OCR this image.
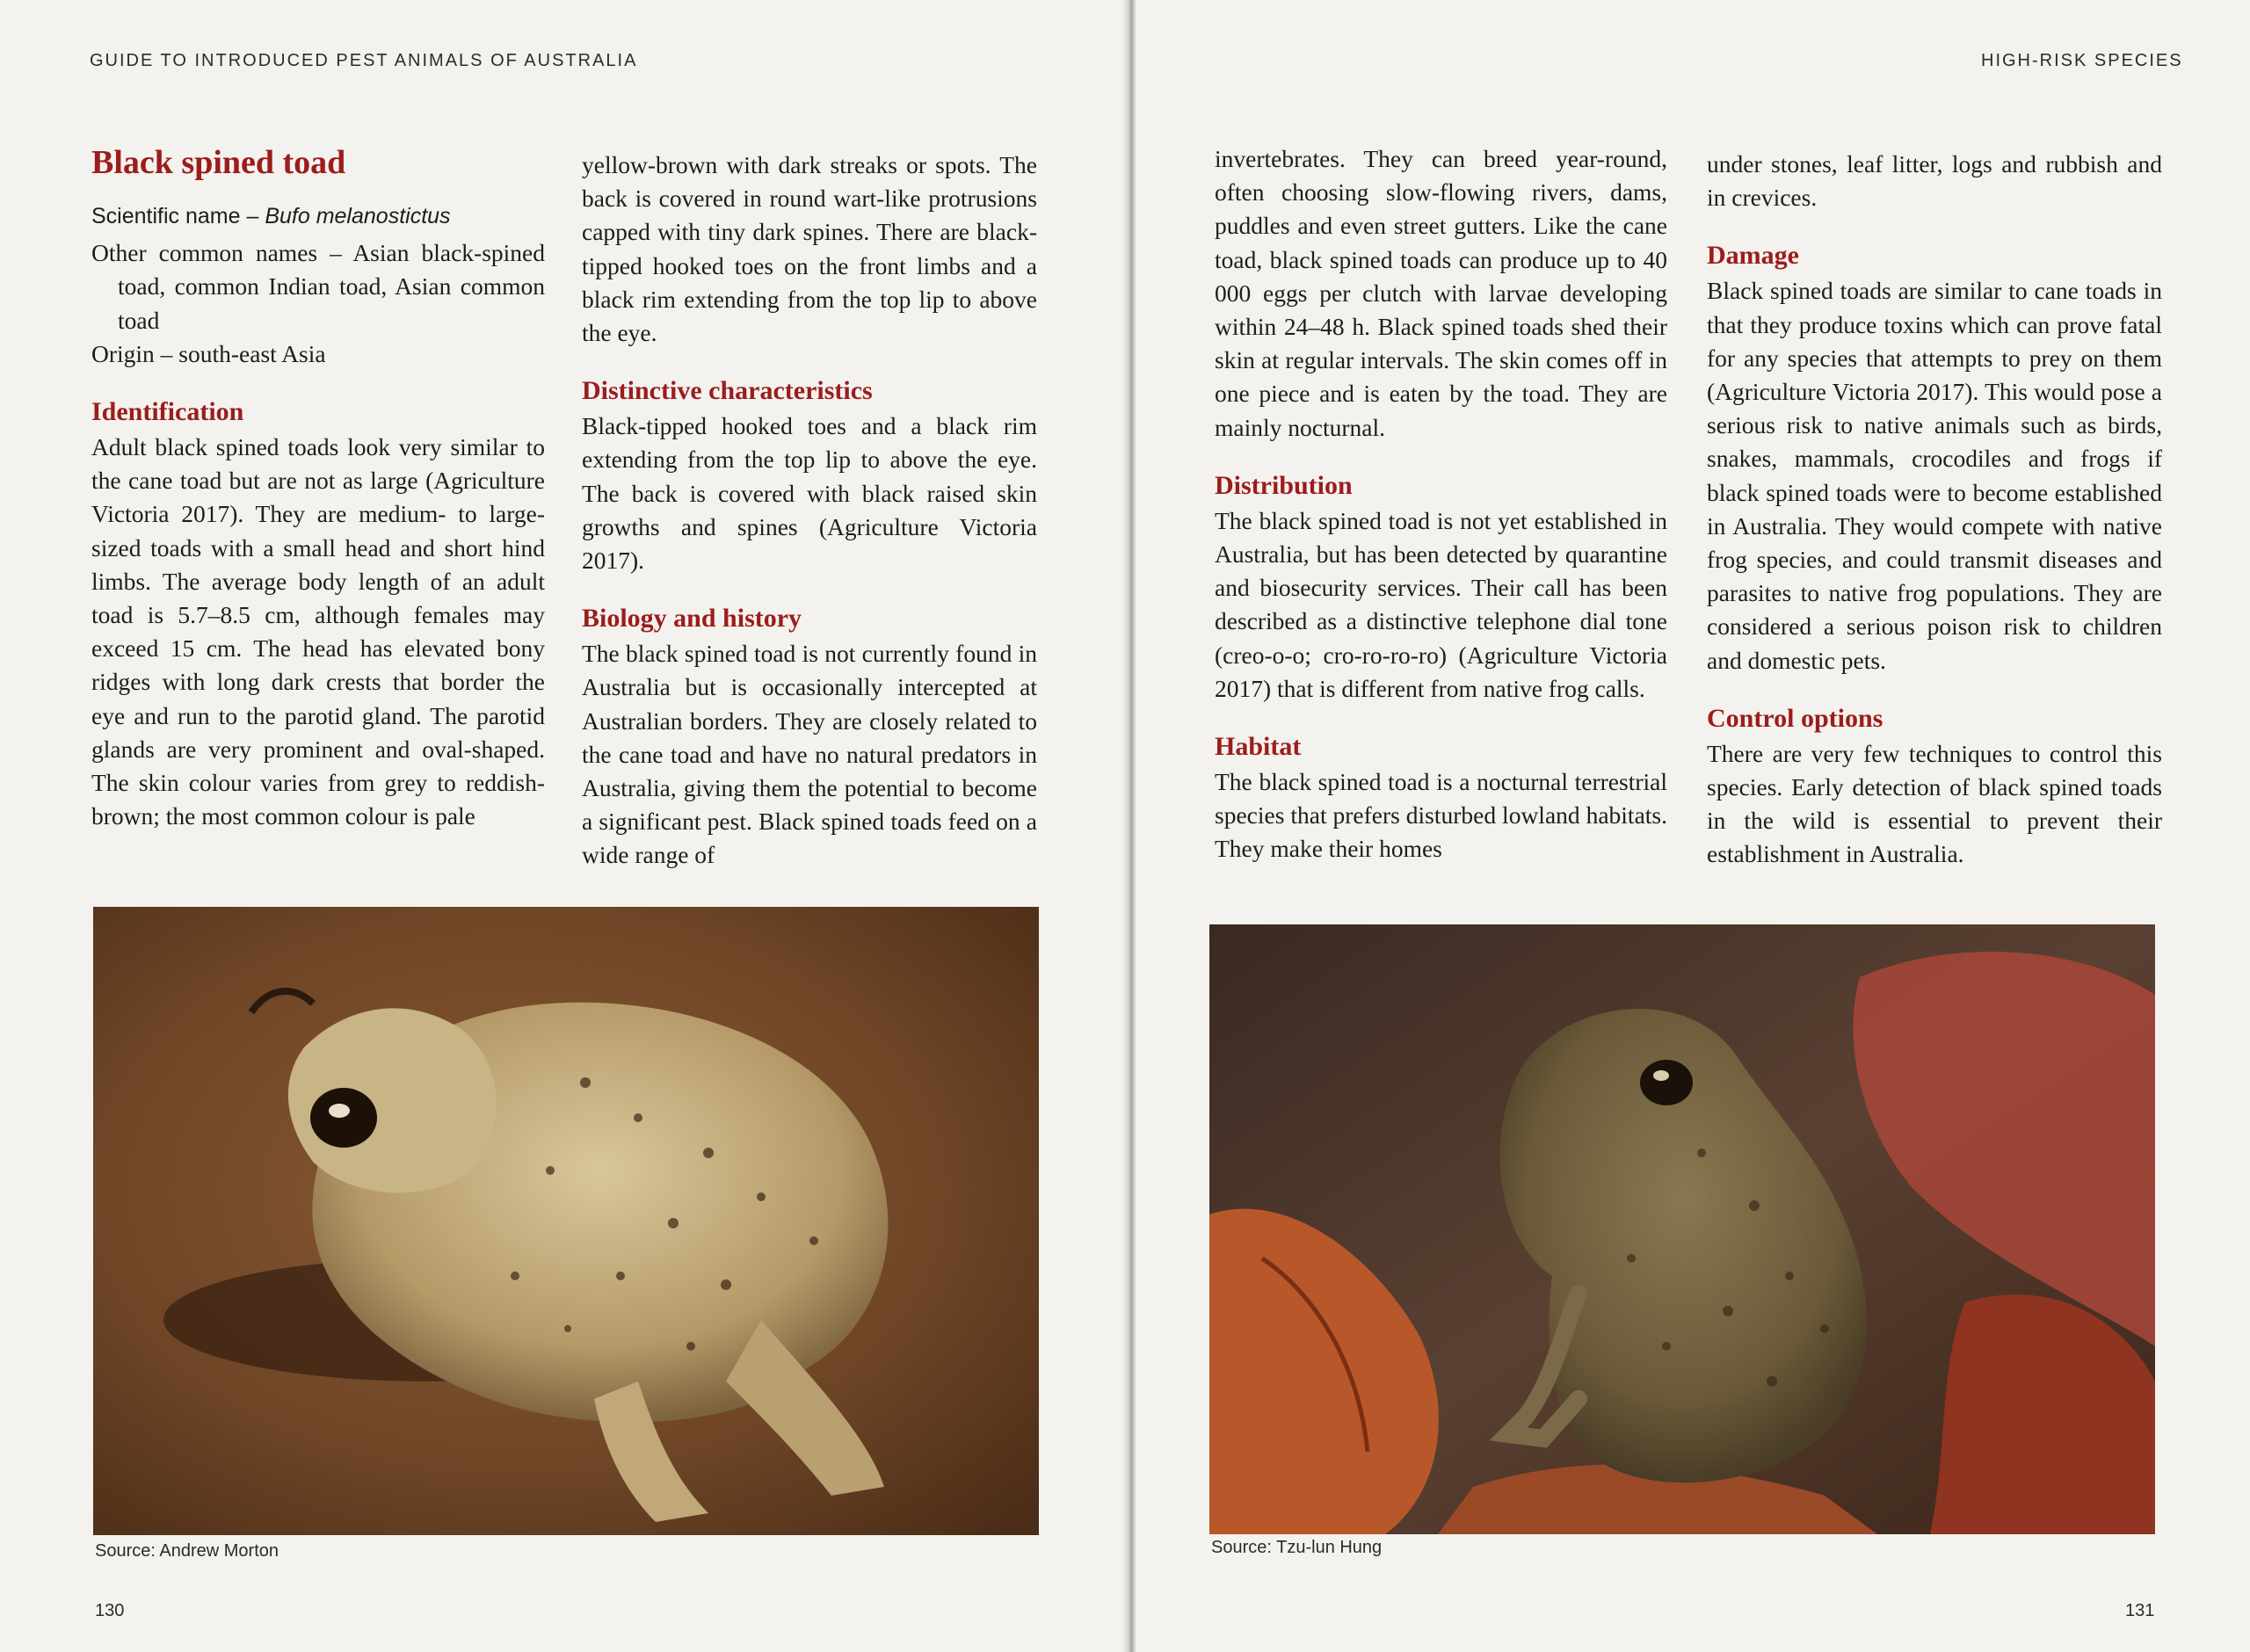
GUIDE TO INTRODUCED PEST ANIMALS OF AUSTRALIA
Black spined toad
Scientific name – Bufo melanostictus

Other common names – Asian black-spined toad, common Indian toad, Asian common toad

Origin – south-east Asia

Identification

Adult black spined toads look very similar to the cane toad but are not as large (Agriculture Victoria 2017). They are medium- to large-sized toads with a small head and short hind limbs. The average body length of an adult toad is 5.7–8.5 cm, although females may exceed 15 cm. The head has elevated bony ridges with long dark crests that border the eye and run to the parotid gland. The parotid glands are very prominent and oval-shaped. The skin colour varies from grey to reddish-brown; the most common colour is pale

yellow-brown with dark streaks or spots. The back is covered in round wart-like protrusions capped with tiny dark spines. There are black-tipped hooked toes on the front limbs and a black rim extending from the top lip to above the eye.

Distinctive characteristics

Black-tipped hooked toes and a black rim extending from the top lip to above the eye. The back is covered with black raised skin growths and spines (Agriculture Victoria 2017).

Biology and history

The black spined toad is not currently found in Australia but is occasionally intercepted at Australian borders. They are closely related to the cane toad and have no natural predators in Australia, giving them the potential to become a significant pest. Black spined toads feed on a wide range of

Source: Andrew Morton
130
HIGH-RISK SPECIES

invertebrates. They can breed year-round, often choosing slow-flowing rivers, dams, puddles and even street gutters. Like the cane toad, black spined toads can produce up to 40 000 eggs per clutch with larvae developing within 24–48 h. Black spined toads shed their skin at regular intervals. The skin comes off in one piece and is eaten by the toad. They are mainly nocturnal.

Distribution

The black spined toad is not yet established in Australia, but has been detected by quarantine and biosecurity services. Their call has been described as a distinctive telephone dial tone (creo-o-o; cro-ro-ro-ro) (Agriculture Victoria 2017) that is different from native frog calls.

Habitat

The black spined toad is a nocturnal terrestrial species that prefers disturbed lowland habitats. They make their homes

under stones, leaf litter, logs and rubbish and in crevices.

Damage

Black spined toads are similar to cane toads in that they produce toxins which can prove fatal for any species that attempts to prey on them (Agriculture Victoria 2017). This would pose a serious risk to native animals such as birds, snakes, mammals, crocodiles and frogs if black spined toads were to become established in Australia. They would compete with native frog species, and could transmit diseases and parasites to native frog populations. They are considered a serious poison risk to children and domestic pets.

Control options

There are very few techniques to control this species. Early detection of black spined toads in the wild is essential to prevent their establishment in Australia.

Source: Tzu-lun Hung
131
